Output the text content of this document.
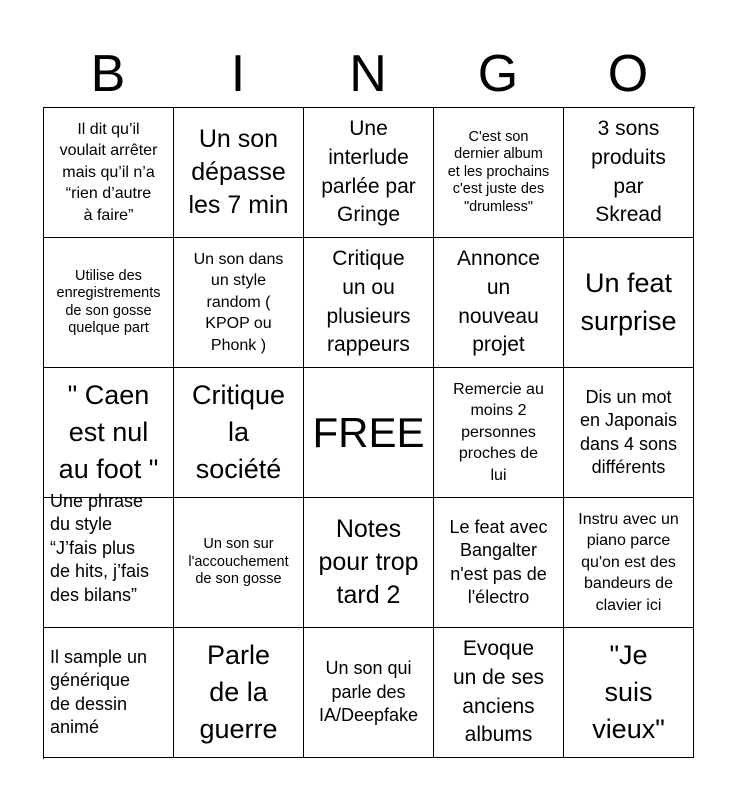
B	I	N	G	O
Il dit qu’il
voulait arrêter
mais qu’il n’a
“rien d’autre
à faire”
Un son
dépasse
les 7 min
Une
interlude
parlée par
Gringe
C'est son
dernier album
et les prochains
c'est juste des
"drumless"
3 sons
produits
par
Skread
Utilise des
enregistrements
de son gosse
quelque part
Un son dans
un style
random (
KPOP ou
Phonk )
Critique
un ou
plusieurs
rappeurs
Annonce
un
nouveau
projet
Un feat
surprise
" Caen
est nul
au foot "
Critique
la
société
FREE
Remercie au
moins 2
personnes
proches de
lui
Dis un mot
en Japonais
dans 4 sons
différents
Une phrase
du style
“J’fais plus
de hits, j’fais
des bilans”
Un son sur
l'accouchement
de son gosse
Notes
pour trop
tard 2
Le feat avec
Bangalter
n'est pas de
l'électro
Instru avec un
piano parce
qu'on est des
bandeurs de
clavier ici
Il sample un
générique
de dessin
animé
Parle
de la
guerre
Un son qui
parle des
IA/Deepfake
Evoque
un de ses
anciens
albums
"Je
suis
vieux"
